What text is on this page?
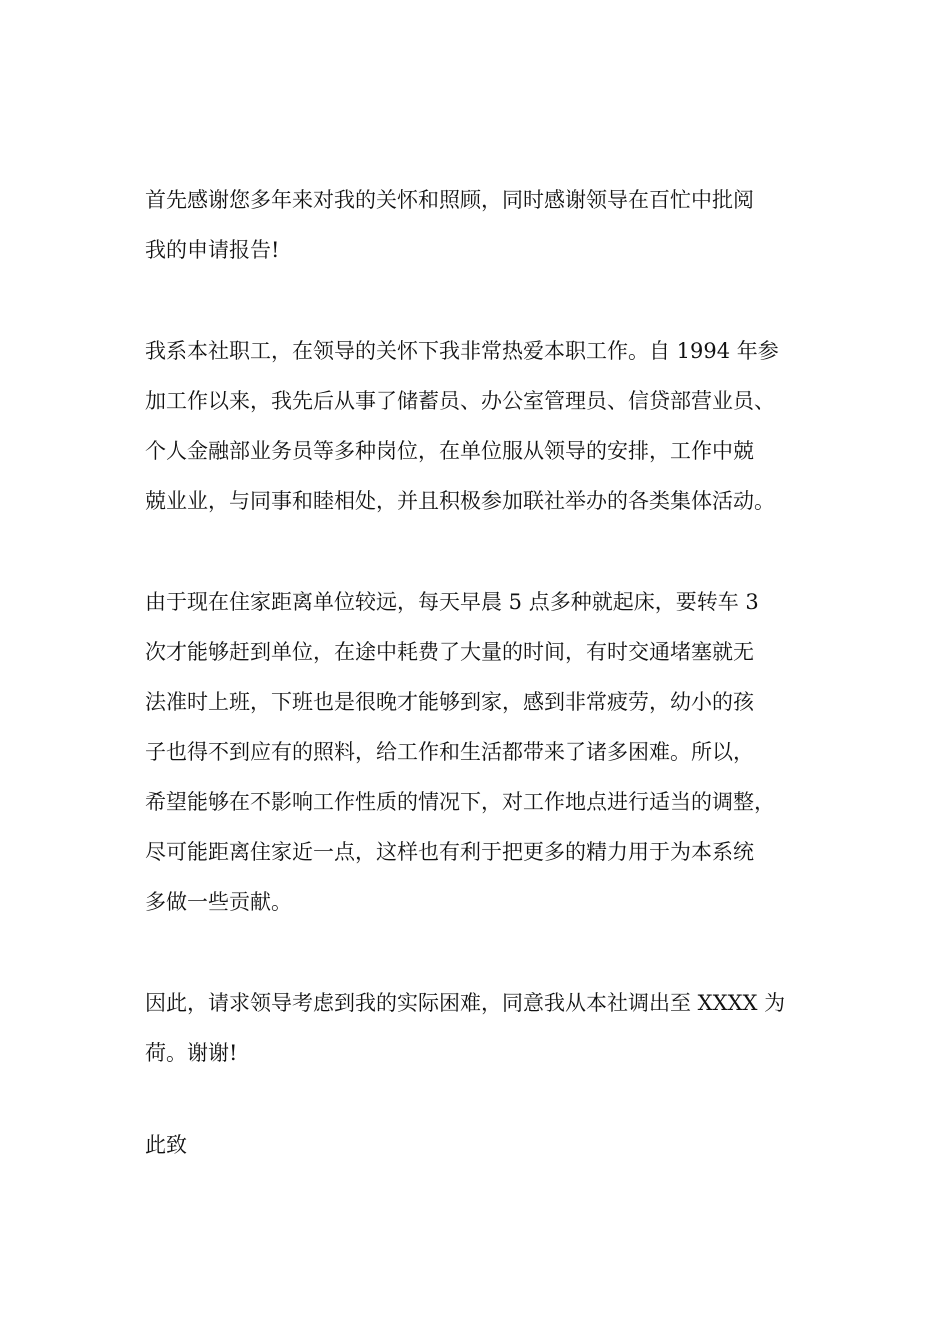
首先感谢您多年来对我的关怀和照顾，同时感谢领导在百忙中批阅
我的申请报告!
我系本社职工，在领导的关怀下我非常热爱本职工作。自 1994 年参
加工作以来，我先后从事了储蓄员、办公室管理员、信贷部营业员、
个人金融部业务员等多种岗位，在单位服从领导的安排，工作中兢
兢业业，与同事和睦相处，并且积极参加联社举办的各类集体活动。
由于现在住家距离单位较远，每天早晨 5 点多种就起床，要转车 3
次才能够赶到单位，在途中耗费了大量的时间，有时交通堵塞就无
法准时上班，下班也是很晚才能够到家，感到非常疲劳，幼小的孩
子也得不到应有的照料，给工作和生活都带来了诸多困难。所以，
希望能够在不影响工作性质的情况下，对工作地点进行适当的调整，
尽可能距离住家近一点，这样也有利于把更多的精力用于为本系统
多做一些贡献。
因此，请求领导考虑到我的实际困难，同意我从本社调出至 XXXX 为
荷。谢谢!
此致
